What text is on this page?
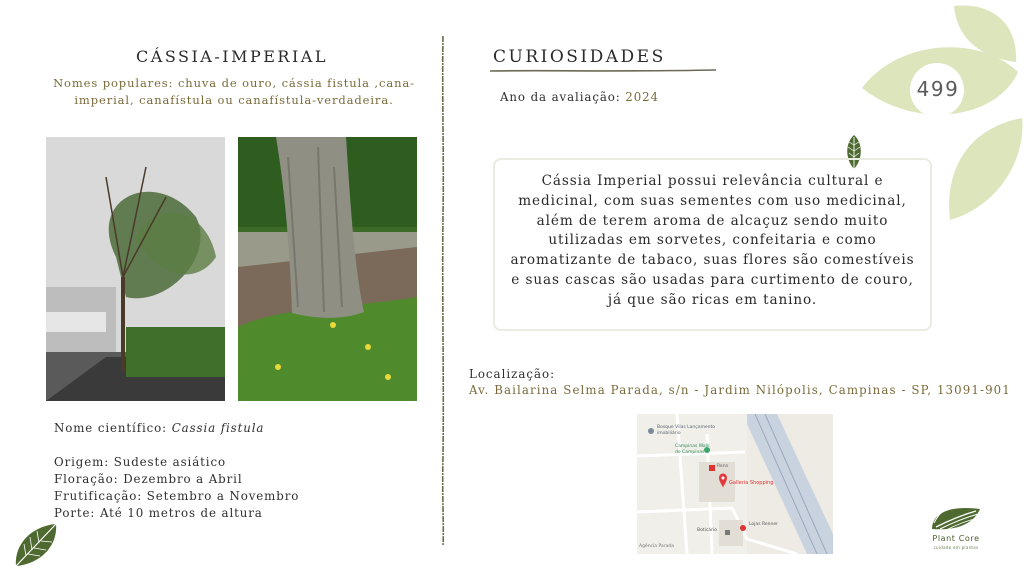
499
CÁSSIA-IMPERIAL
Nomes populares: chuva de ouro, cássia fistula ,cana-imperial, canafístula ou canafístula-verdadeira.
Nome científico: Cassia fistula
Origem: Sudeste asiático
Floração: Dezembro a Abril
Frutificação: Setembro a Novembro
Porte: Até 10 metros de altura
CURIOSIDADES
Ano da avaliação: 2024
Cássia Imperial possui relevância cultural e medicinal, com suas sementes com uso medicinal, além de terem aroma de alcaçuz sendo muito utilizadas em sorvetes, confeitaria e como aromatizante de tabaco, suas flores são comestíveis e suas cascas são usadas para curtimento de couro, já que são ricas em tanino.
Localização:
Av. Bailarina Selma Parada, s/n - Jardim Nilópolis, Campinas - SP, 13091-901
Bosque Vilas Lançamento imobiliário
Campinas Walk de Campinas
Renn
Galleria Shopping
Boticário
Lojas Renner
Agência Parada
Plant Core
cuidado em plantas
